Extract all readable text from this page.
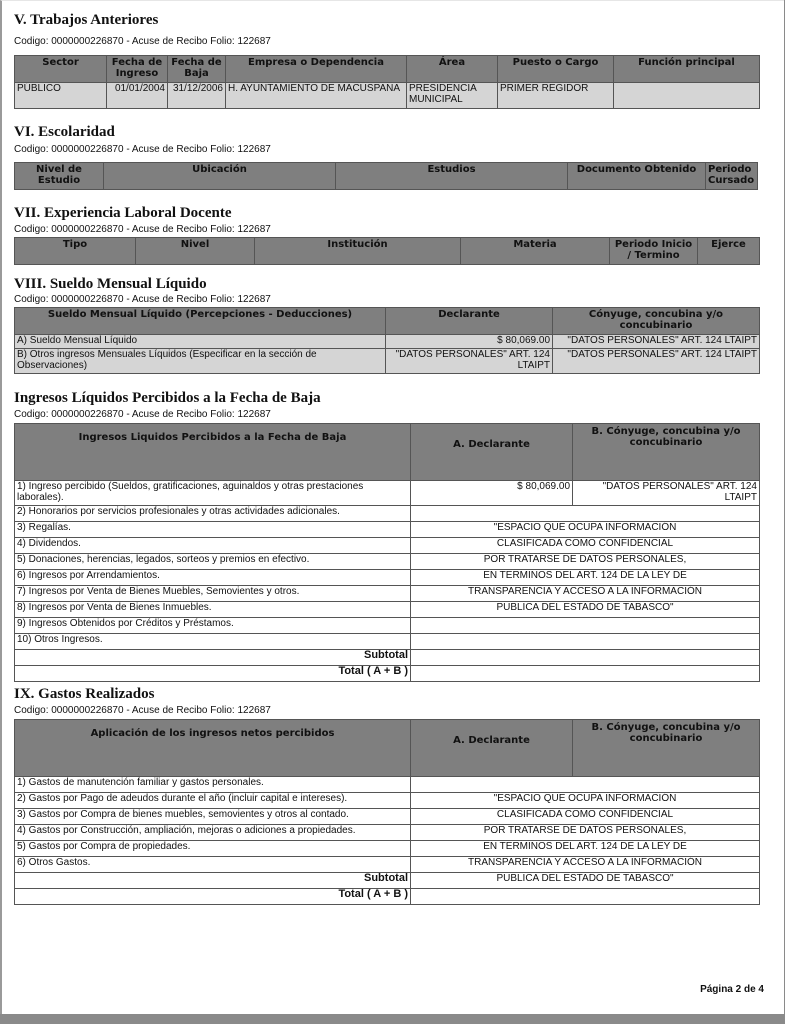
V. Trabajos Anteriores
Codigo: 0000000226870 - Acuse de Recibo Folio: 122687
Sector	Fecha de Ingreso	Fecha de Baja	Empresa o Dependencia	Área	Puesto o Cargo	Función principal
PÚBLICO	01/01/2004	31/12/2006	H. AYUNTAMIENTO DE MACUSPANA	PRESIDENCIA MUNICIPAL	PRIMER REGIDOR	
VI. Escolaridad
Codigo: 0000000226870 - Acuse de Recibo Folio: 122687
Nivel de Estudio	Ubicación	Estudios	Documento Obtenido	Periodo Cursado
VII. Experiencia Laboral Docente
Codigo: 0000000226870 - Acuse de Recibo Folio: 122687
Tipo	Nivel	Institución	Materia	Periodo Inicio / Termino	Ejerce
VIII. Sueldo Mensual Líquido
Codigo: 0000000226870 - Acuse de Recibo Folio: 122687
Sueldo Mensual Líquido (Percepciones - Deducciones)	Declarante	Cónyuge, concubina y/o concubinario
A) Sueldo Mensual Líquido	$ 80,069.00	"DATOS PERSONALES" ART. 124 LTAIPT
B) Otros ingresos Mensuales Líquidos (Especificar en la sección de Observaciones)	"DATOS PERSONALES" ART. 124 LTAIPT	"DATOS PERSONALES" ART. 124 LTAIPT
Ingresos Líquidos Percibidos a la Fecha de Baja
Codigo: 0000000226870 - Acuse de Recibo Folio: 122687
Ingresos Liquidos Percibidos a la Fecha de Baja	A. Declarante	B. Cónyuge, concubina y/o concubinario
1) Ingreso percibido (Sueldos, gratificaciones, aguinaldos y otras prestaciones laborales).	$ 80,069.00	"DATOS PERSONALES" ART. 124 LTAIPT
2) Honorarios por servicios profesionales y otras actividades adicionales.		
3) Regalías.	"ESPACIO QUE OCUPA INFORMACIÓN	
4) Dividendos.	CLASIFICADA COMO CONFIDENCIAL	
5) Donaciones, herencias, legados, sorteos y premios en efectivo.	POR TRATARSE DE DATOS PERSONALES,	
6) Ingresos por Arrendamientos.	EN TERMINOS DEL ART. 124 DE LA LEY DE	
7) Ingresos por Venta de Bienes Muebles, Semovientes y otros.	TRANSPARENCIA Y ACCESO A LA INFORMACIÓN	
8) Ingresos por Venta de Bienes Inmuebles.	PUBLICA DEL ESTADO DE TABASCO"	
9) Ingresos Obtenidos por Créditos y Préstamos.		
10) Otros Ingresos.		
Subtotal		
Total ( A + B )		
IX. Gastos Realizados
Codigo: 0000000226870 - Acuse de Recibo Folio: 122687
Aplicación de los ingresos netos percibidos	A. Declarante	B. Cónyuge, concubina y/o concubinario
1) Gastos de manutención familiar y gastos personales.		
2) Gastos por Pago de adeudos durante el año (incluir capital e intereses).	"ESPACIO QUE OCUPA INFORMACIÓN	
3) Gastos por Compra de bienes muebles, semovientes y otros al contado.	CLASIFICADA COMO CONFIDENCIAL	
4) Gastos por Construcción, ampliación, mejoras o adiciones a propiedades.	POR TRATARSE DE DATOS PERSONALES,	
5) Gastos por Compra de propiedades.	EN TERMINOS DEL ART. 124 DE LA LEY DE	
6) Otros Gastos.	TRANSPARENCIA Y ACCESO A LA INFORMACIÓN	
Subtotal	PUBLICA DEL ESTADO DE TABASCO"	
Total ( A + B )		
Página 2 de 4
